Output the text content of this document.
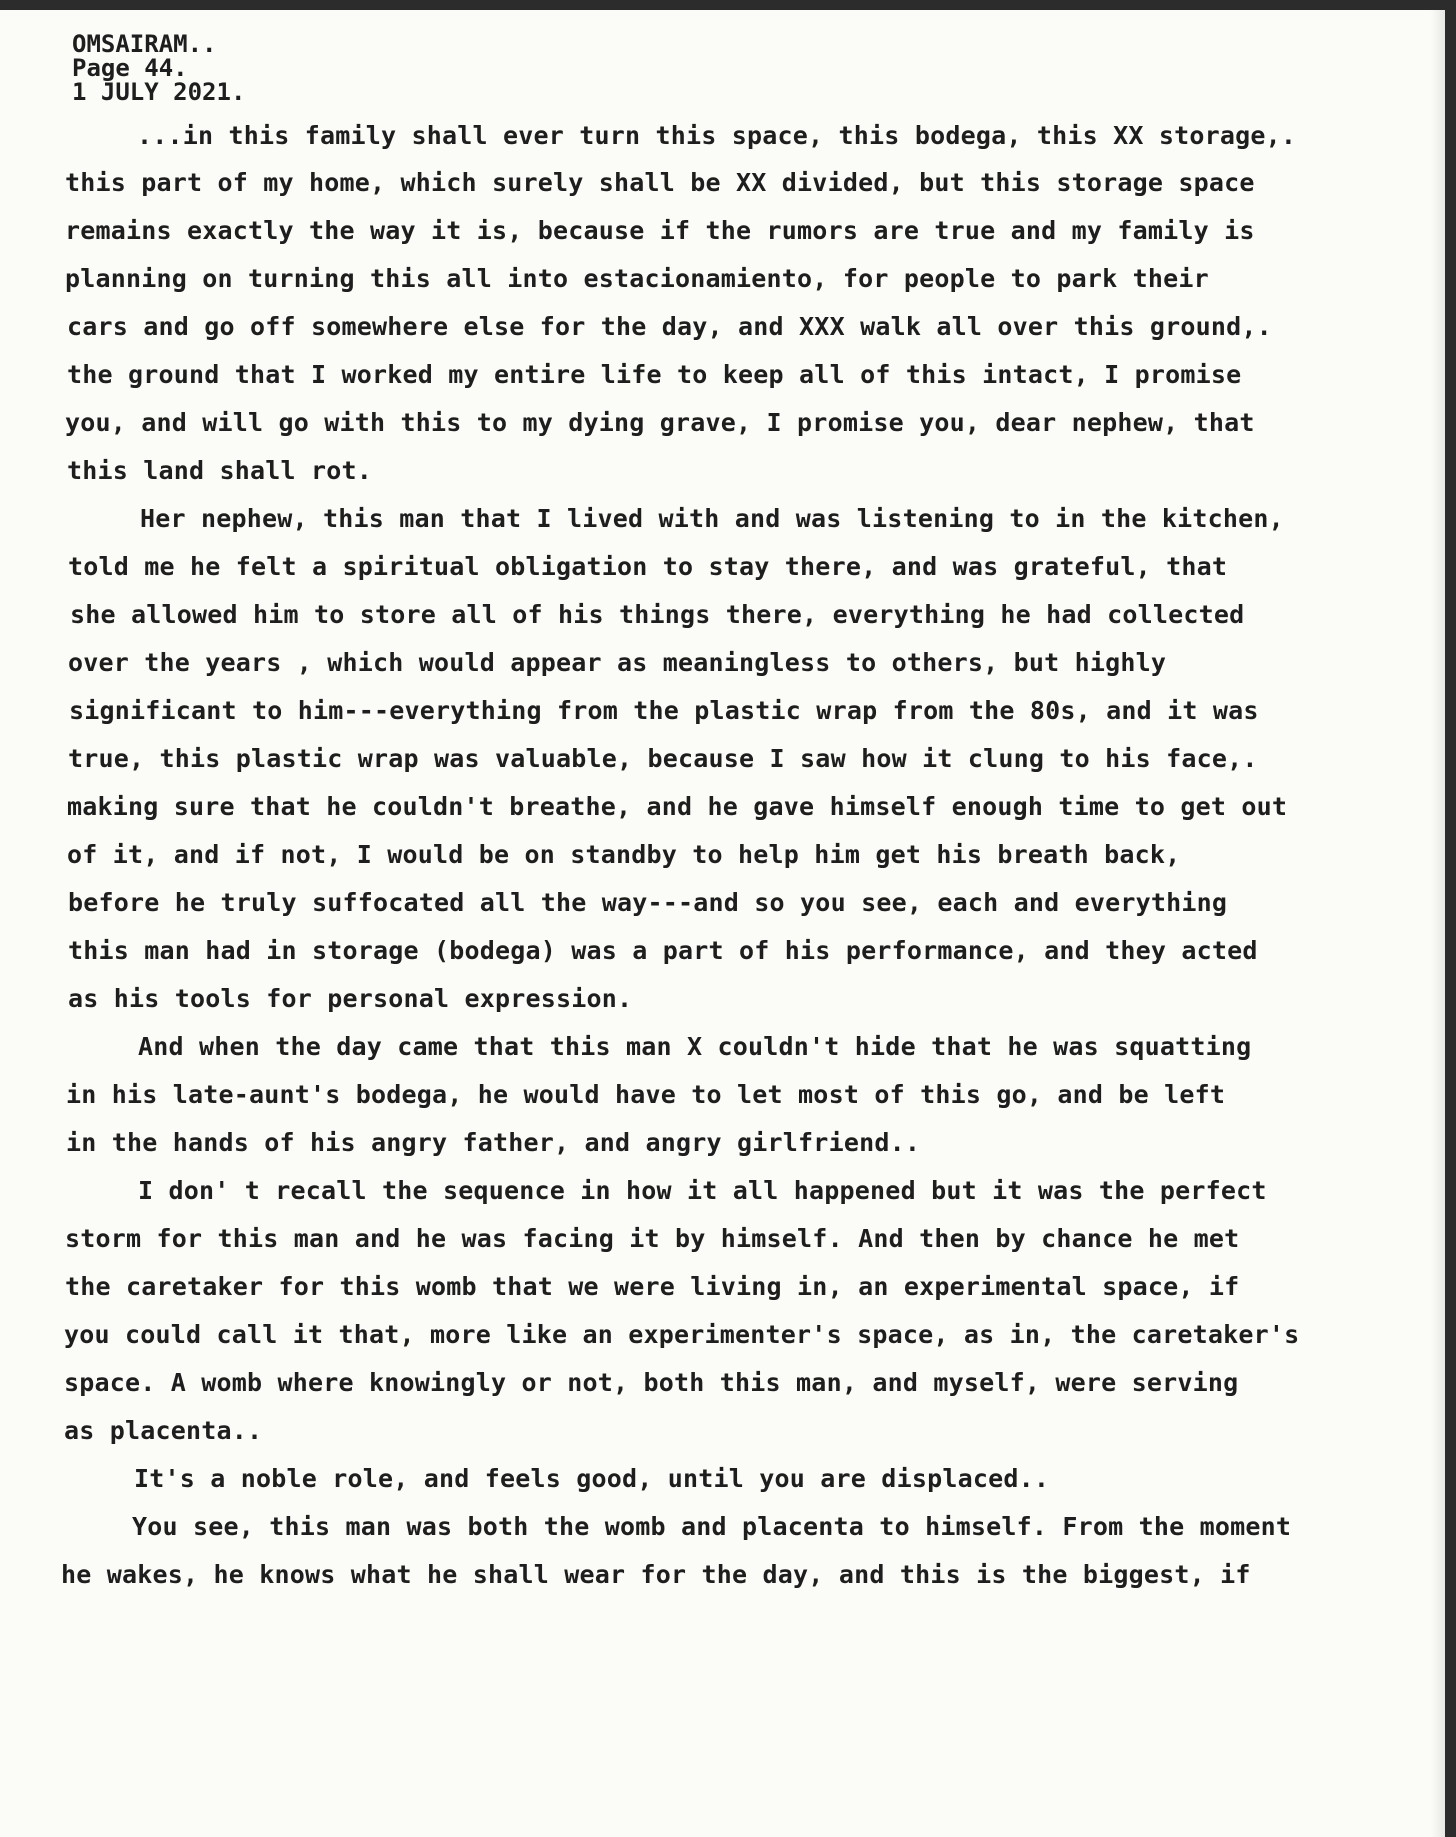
OMSAIRAM..
Page 44.
1 JULY 2021.
...in this family shall ever turn this space, this bodega, this XX storage,.
this part of my home, which surely shall be XX divided, but this storage space
remains exactly the way it is, because if the rumors are true and my family is
planning on turning this all into estacionamiento, for people to park their
cars and go off somewhere else for the day, and XXX walk all over this ground,.
the ground that I worked my entire life to keep all of this intact, I promise
you, and will go with this to my dying grave, I promise you, dear nephew, that
this land shall rot.
Her nephew, this man that I lived with and was listening to in the kitchen,
told me he felt a spiritual obligation to stay there, and was grateful, that
she allowed him to store all of his things there, everything he had collected
over the years , which would appear as meaningless to others, but highly
significant to him---everything from the plastic wrap from the 80s, and it was
true, this plastic wrap was valuable, because I saw how it clung to his face,.
making sure that he couldn't breathe, and he gave himself enough time to get out
of it, and if not, I would be on standby to help him get his breath back,
before he truly suffocated all the way---and so you see, each and everything
this man had in storage (bodega) was a part of his performance, and they acted
as his tools for personal expression.
And when the day came that this man X couldn't hide that he was squatting
in his late-aunt's bodega, he would have to let most of this go, and be left
in the hands of his angry father, and angry girlfriend..
I don' t recall the sequence in how it all happened but it was the perfect
storm for this man and he was facing it by himself. And then by chance he met
the caretaker for this womb that we were living in, an experimental space, if
you could call it that, more like an experimenter's space, as in, the caretaker's
space. A womb where knowingly or not, both this man, and myself, were serving
as placenta..
It's a noble role, and feels good, until you are displaced..
You see, this man was both the womb and placenta to himself. From the moment
he wakes, he knows what he shall wear for the day, and this is the biggest, if
